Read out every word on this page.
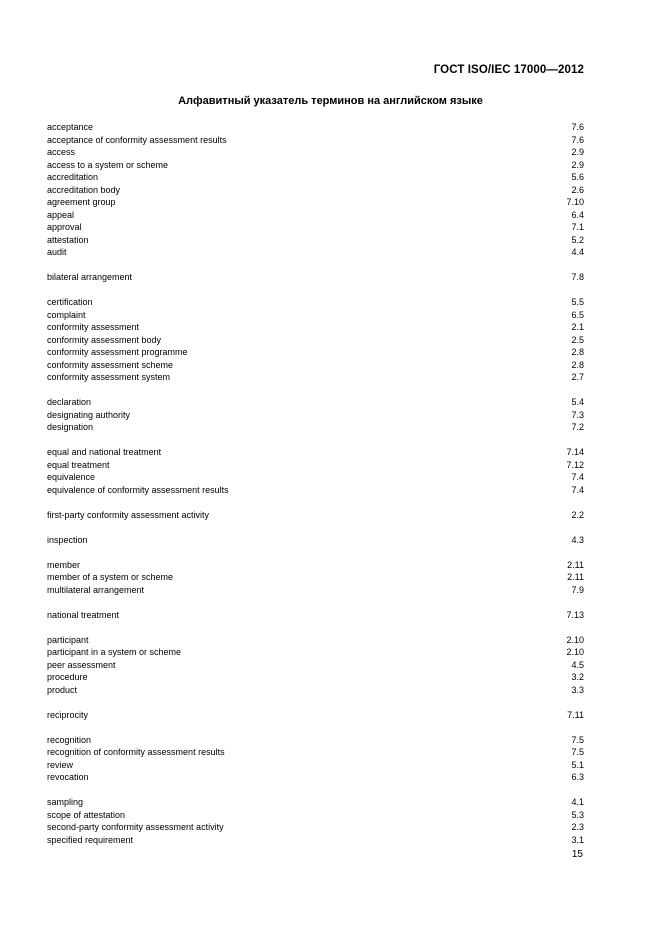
ГОСТ ISO/IEC 17000—2012
Алфавитный указатель терминов на английском языке
acceptance	7.6
acceptance of conformity assessment results	7.6
access	2.9
access to a system or scheme	2.9
accreditation	5.6
accreditation body	2.6
agreement group	7.10
appeal	6.4
approval	7.1
attestation	5.2
audit	4.4
bilateral arrangement	7.8
certification	5.5
complaint	6.5
conformity assessment	2.1
conformity assessment body	2.5
conformity assessment programme	2.8
conformity assessment scheme	2.8
conformity assessment system	2.7
declaration	5.4
designating authority	7.3
designation	7.2
equal and national treatment	7.14
equal treatment	7.12
equivalence	7.4
equivalence of conformity assessment results	7.4
first-party conformity assessment activity	2.2
inspection	4.3
member	2.11
member of a system or scheme	2.11
multilateral arrangement	7.9
national treatment	7.13
participant	2.10
participant in a system or scheme	2.10
peer assessment	4.5
procedure	3.2
product	3.3
reciprocity	7.11
recognition	7.5
recognition of conformity assessment results	7.5
review	5.1
revocation	6.3
sampling	4.1
scope of attestation	5.3
second-party conformity assessment activity	2.3
specified requirement	3.1
15
